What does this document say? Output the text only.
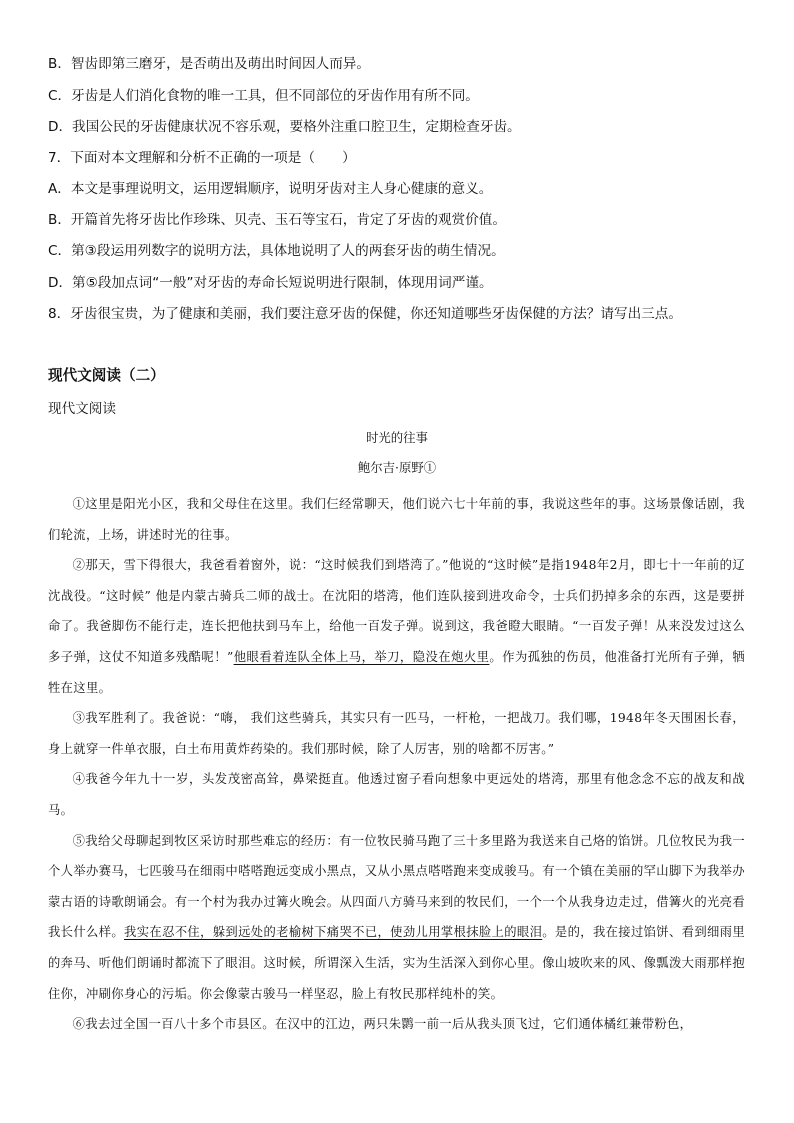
B．智齿即第三磨牙，是否萌出及萌出时间因人而异。
C．牙齿是人们消化食物的唯一工具，但不同部位的牙齿作用有所不同。
D．我国公民的牙齿健康状况不容乐观，要格外注重口腔卫生，定期检查牙齿。
7．下面对本文理解和分析不正确的一项是（　　）
A．本文是事理说明文，运用逻辑顺序，说明牙齿对主人身心健康的意义。
B．开篇首先将牙齿比作珍珠、贝壳、玉石等宝石，肯定了牙齿的观赏价值。
C．第③段运用列数字的说明方法，具体地说明了人的两套牙齿的萌生情况。
D．第⑤段加点词“一般”对牙齿的寿命长短说明进行限制，体现用词严谨。
8．牙齿很宝贵，为了健康和美丽，我们要注意牙齿的保健，你还知道哪些牙齿保健的方法？请写出三点。
现代文阅读（二）
现代文阅读
时光的往事
鲍尔吉·原野①

①这里是阳光小区，我和父母住在这里。我们仨经常聊天，他们说六七十年前的事，我说这些年的事。这场景像话剧，我们轮流，上场，讲述时光的往事。

②那天，雪下得很大，我爸看着窗外，说：“这时候我们到塔湾了。”他说的“这时候”是指1948年2月，即七十一年前的辽沈战役。“这时候” 他是内蒙古骑兵二师的战士。在沈阳的塔湾，他们连队接到进攻命令，士兵们扔掉多余的东西，这是要拼命了。我爸脚伤不能行走，连长把他扶到马车上，给他一百发子弹。说到这，我爸瞪大眼睛。“一百发子弹！从来没发过这么多子弹，这仗不知道多残酷呢！”他眼看着连队全体上马，举刀，隐没在炮火里。作为孤独的伤员，他准备打光所有子弹，牺牲在这里。

③我军胜利了。我爸说：“嗨， 我们这些骑兵，其实只有一匹马，一杆枪，一把战刀。我们哪，1948年冬天围困长春，身上就穿一件单衣服，白土布用黄炸药染的。我们那时候，除了人厉害，别的啥都不厉害。”

④我爸今年九十一岁，头发茂密高耸，鼻梁挺直。他透过窗子看向想象中更远处的塔湾，那里有他念念不忘的战友和战马。

⑤我给父母聊起到牧区采访时那些难忘的经历：有一位牧民骑马跑了三十多里路为我送来自己烙的馅饼。几位牧民为我一个人举办赛马，七匹骏马在细雨中嗒嗒跑远变成小黑点，又从小黑点嗒嗒跑来变成骏马。有一个镇在美丽的罕山脚下为我举办蒙古语的诗歌朗诵会。有一个村为我办过篝火晚会。从四面八方骑马来到的牧民们，一个一个从我身边走过，借篝火的光亮看我长什么样。我实在忍不住，躲到远处的老榆树下痛哭不已，使劲儿用掌根抹脸上的眼泪。是的，我在接过馅饼、看到细雨里的奔马、听他们朗诵时都流下了眼泪。这时候，所谓深入生活，实为生活深入到你心里。像山坡吹来的风、像瓢泼大雨那样抱住你，冲刷你身心的污垢。你会像蒙古骏马一样坚忍，脸上有牧民那样纯朴的笑。

⑥我去过全国一百八十多个市县区。在汉中的江边，两只朱鹮一前一后从我头顶飞过，它们通体橘红兼带粉色，
